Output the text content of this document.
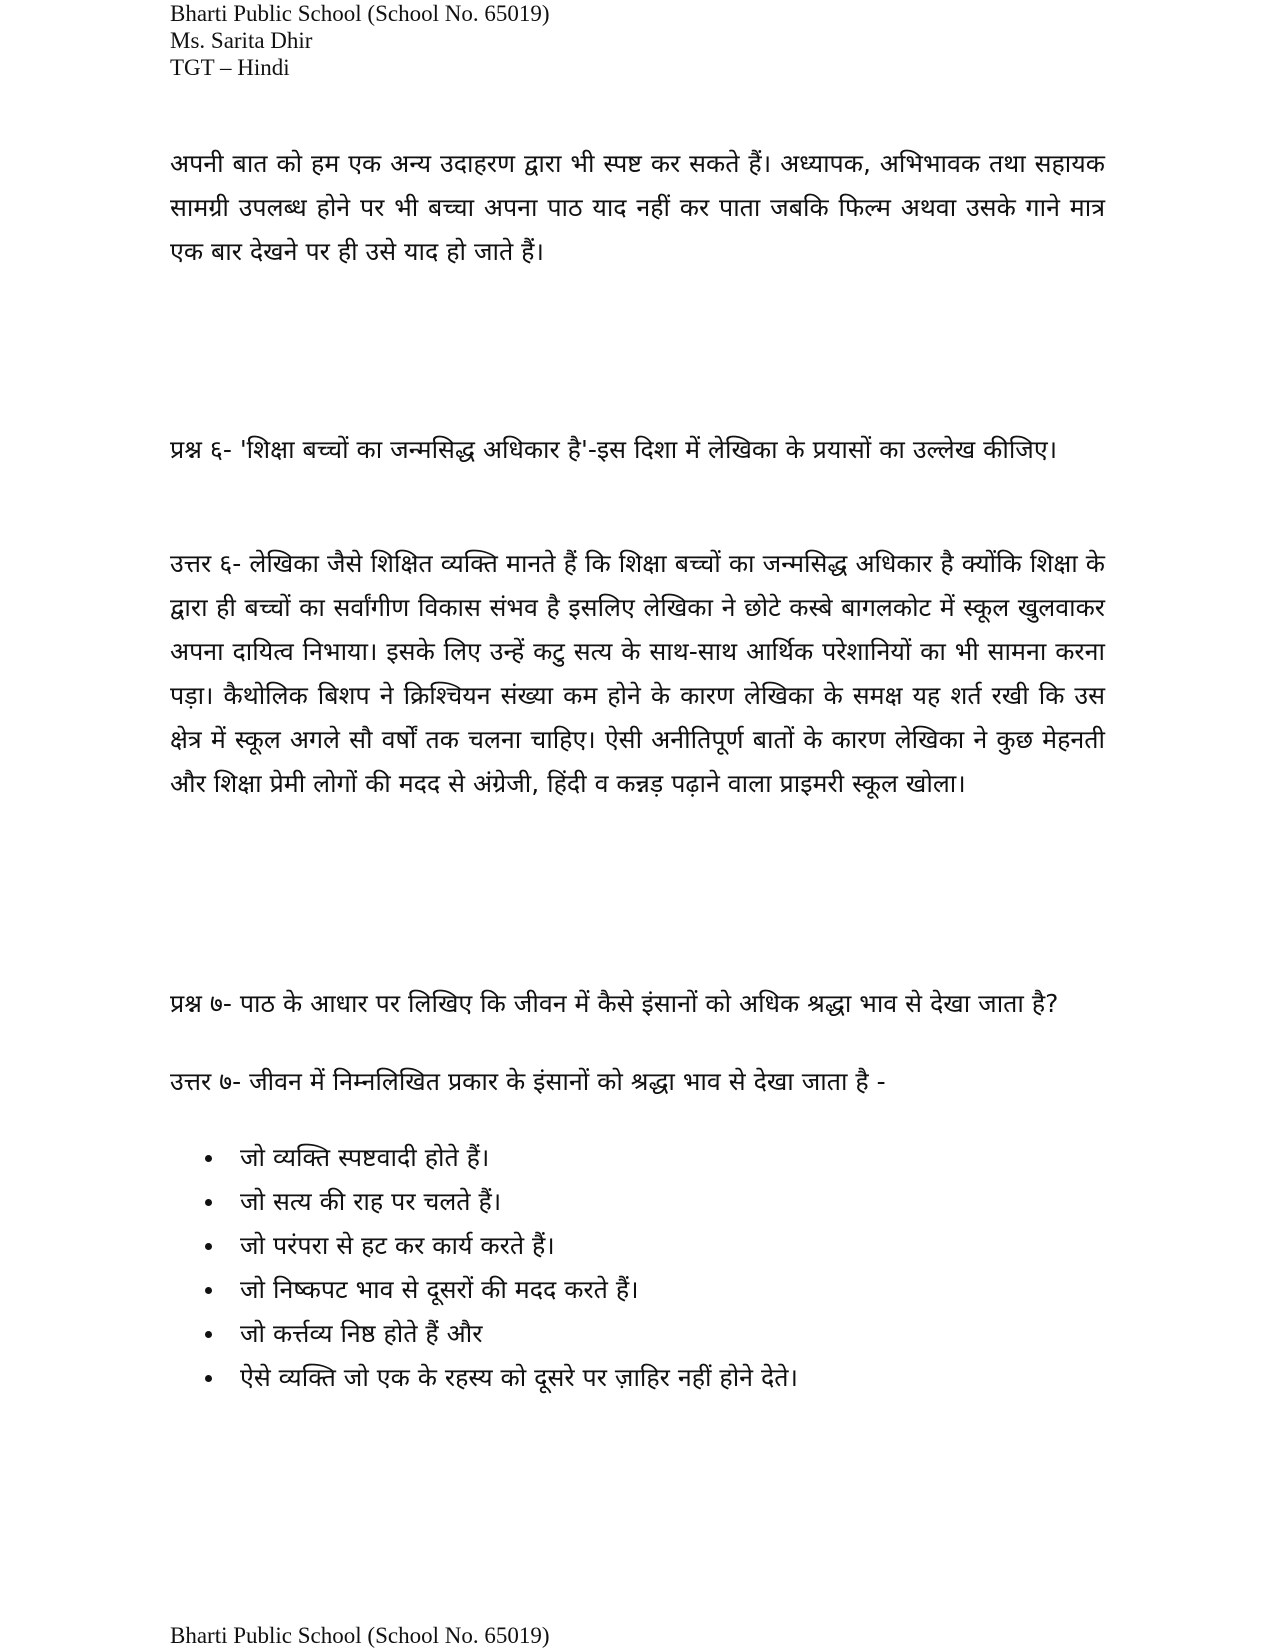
Bharti Public School (School No. 65019)
Ms. Sarita Dhir
TGT – Hindi
अपनी बात को हम एक अन्य उदाहरण द्वारा भी स्पष्ट कर सकते हैं। अध्यापक, अभिभावक तथा सहायक सामग्री उपलब्ध होने पर भी बच्चा अपना पाठ याद नहीं कर पाता जबकि फिल्म अथवा उसके गाने मात्र एक बार देखने पर ही उसे याद हो जाते हैं।
प्रश्न ६- 'शिक्षा बच्चों का जन्मसिद्ध अधिकार है'-इस दिशा में लेखिका के प्रयासों का उल्लेख कीजिए।
उत्तर ६- लेखिका जैसे शिक्षित व्यक्ति मानते हैं कि शिक्षा बच्चों का जन्मसिद्ध अधिकार है क्योंकि शिक्षा के द्वारा ही बच्चों का सर्वांगीण विकास संभव है इसलिए लेखिका ने छोटे कस्बे बागलकोट में स्कूल खुलवाकर अपना दायित्व निभाया। इसके लिए उन्हें कटु सत्य के साथ-साथ आर्थिक परेशानियों का भी सामना करना पड़ा। कैथोलिक बिशप ने क्रिश्चियन संख्या कम होने के कारण लेखिका के समक्ष यह शर्त रखी कि उस क्षेत्र में स्कूल अगले सौ वर्षों तक चलना चाहिए। ऐसी अनीतिपूर्ण बातों के कारण लेखिका ने कुछ मेहनती और शिक्षा प्रेमी लोगों की मदद से अंग्रेजी, हिंदी व कन्नड़ पढ़ाने वाला प्राइमरी स्कूल खोला।
प्रश्न ७- पाठ के आधार पर लिखिए कि जीवन में कैसे इंसानों को अधिक श्रद्धा भाव से देखा जाता है?
उत्तर ७- जीवन में निम्नलिखित प्रकार के इंसानों को श्रद्धा भाव से देखा जाता है -
जो व्यक्ति स्पष्टवादी होते हैं।
जो सत्य की राह पर चलते हैं।
जो परंपरा से हट कर कार्य करते हैं।
जो निष्कपट भाव से दूसरों की मदद करते हैं।
जो कर्त्तव्य निष्ठ होते हैं और
ऐसे व्यक्ति जो एक के रहस्य को दूसरे पर ज़ाहिर नहीं होने देते।
Bharti Public School (School No. 65019)
